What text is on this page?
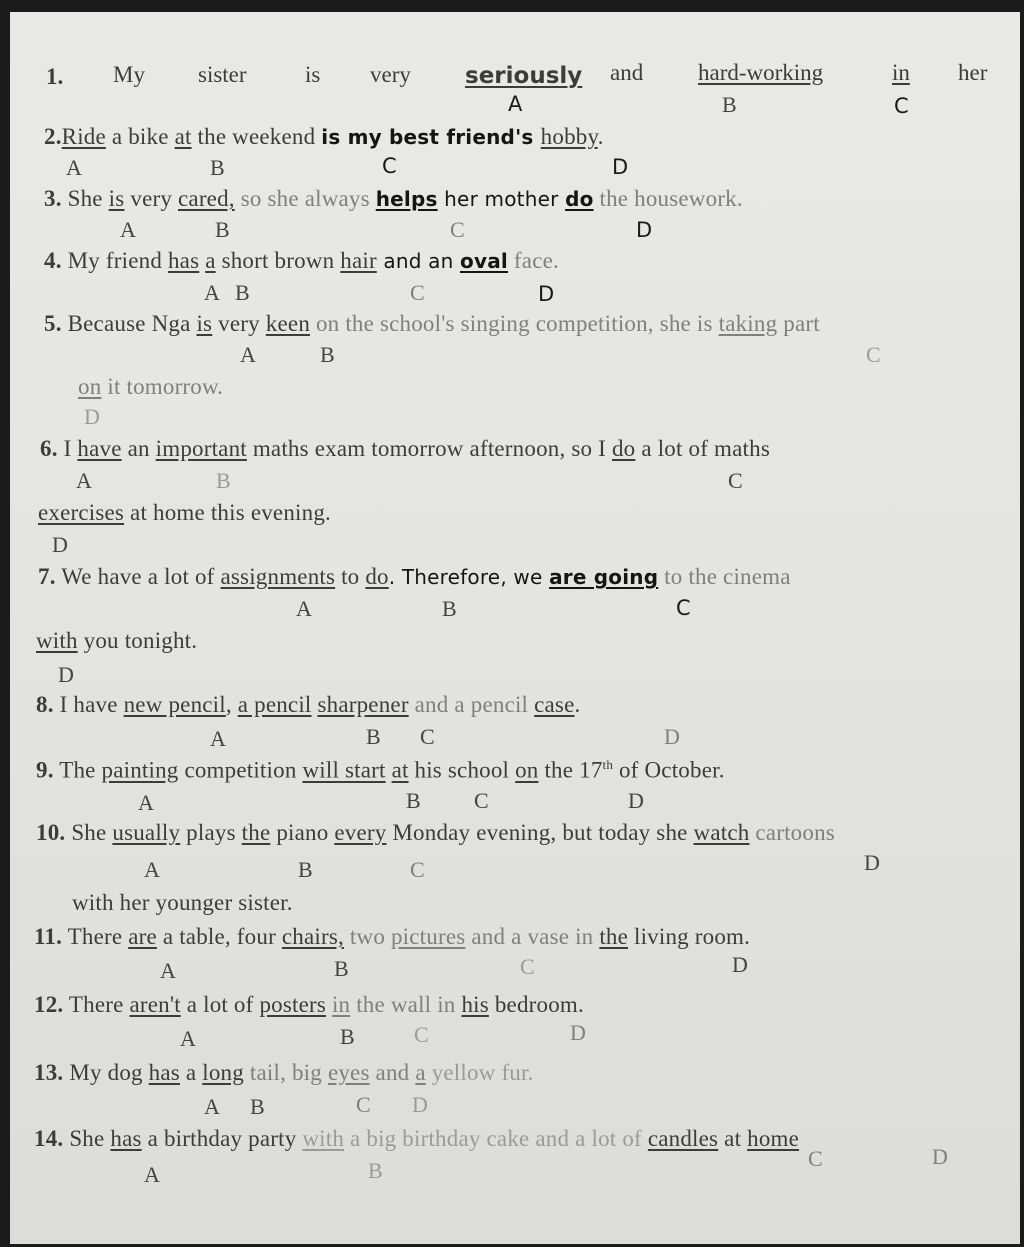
1. My sister	is very seriously and hard-working	in her
A	B	C
2.Ride a bike at the weekend is my best friend's hobby.
A	B	C	D
3. She is very cared, so she always helps her mother do the housework.
A	B	C	D
4. My friend has a short brown hair and an oval face.
A B	C	D
5. Because Nga is very keen on the school's singing competition, she is taking part
A	B	C
on it tomorrow.
D
6. I have an important maths exam tomorrow afternoon, so I do a lot of maths
A	B	C
exercises at home this evening.
D
7. We have a lot of assignments to do. Therefore, we are going to the cinema
A	B	C
with you tonight.
D
8. I have new pencil, a pencil sharpener and a pencil case.
A	B C	D
9. The painting competition will start at his school on the 17th of October.
A	B C	D
10. She usually plays the piano every Monday evening, but today she watch cartoons
A	B	C	D
with her younger sister.
11. There are a table, four chairs, two pictures and a vase in the living room.
A	B	C	D
12. There aren't a lot of posters in the wall in his bedroom.
A	B	C	D
13. My dog has a long tail, big eyes and a yellow fur.
A B	C D
14. She has a birthday party with a big birthday cake and a lot of candles at home
A	B	C	D
